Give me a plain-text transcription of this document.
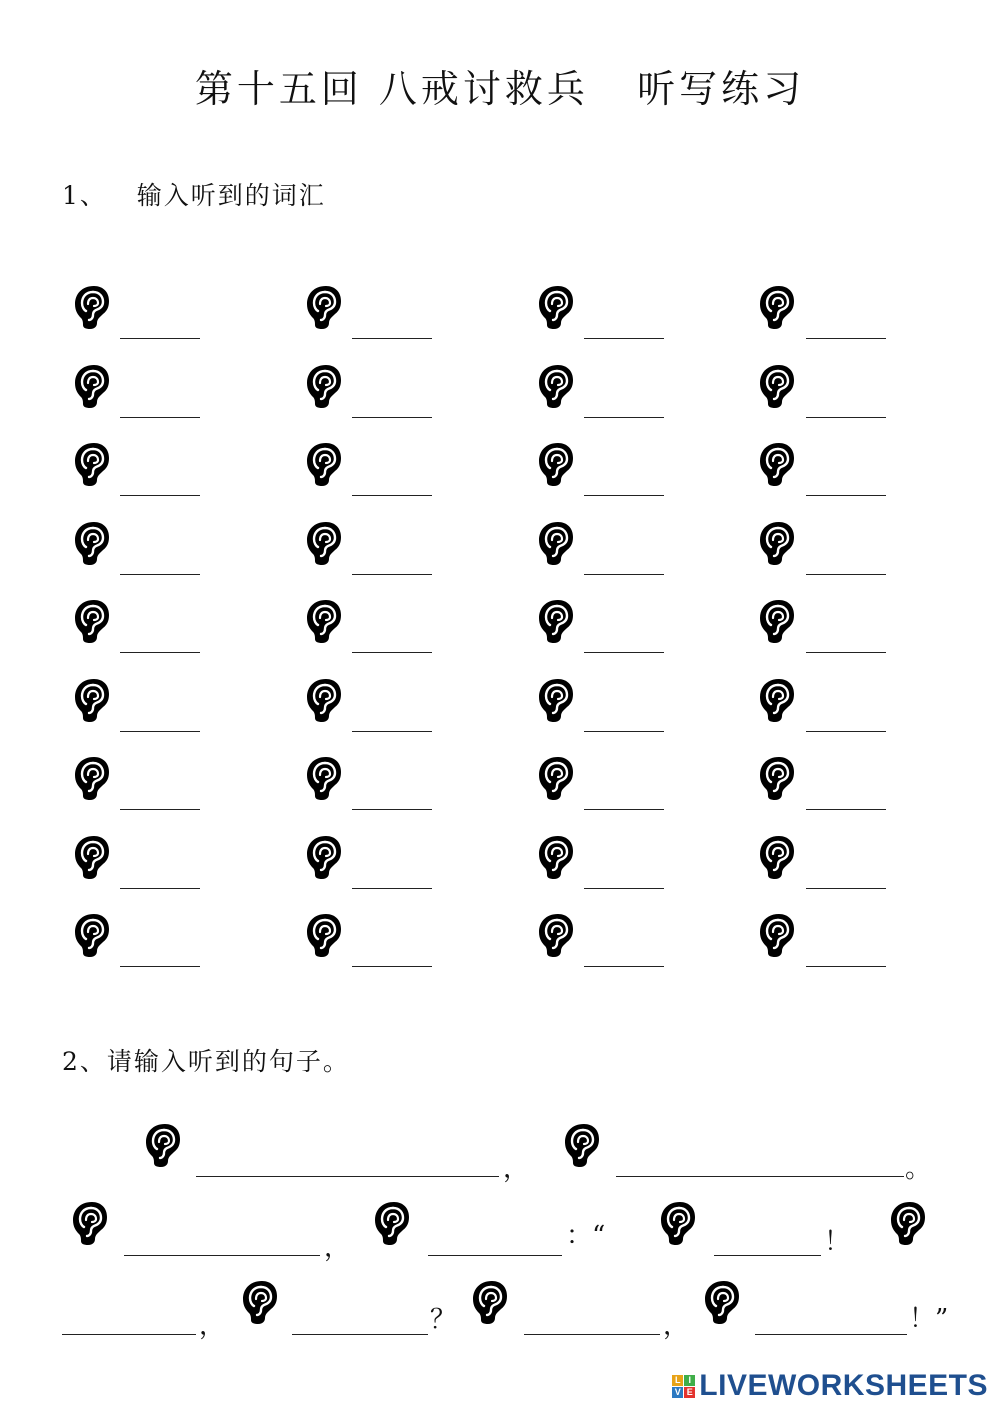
第十五回 八戒讨救兵   听写练习
1、   输入听到的词汇
2、请输入听到的句子。
，	。
，	：“	！
，	？	，	！”
L I
V E LIVEWORKSHEETS
